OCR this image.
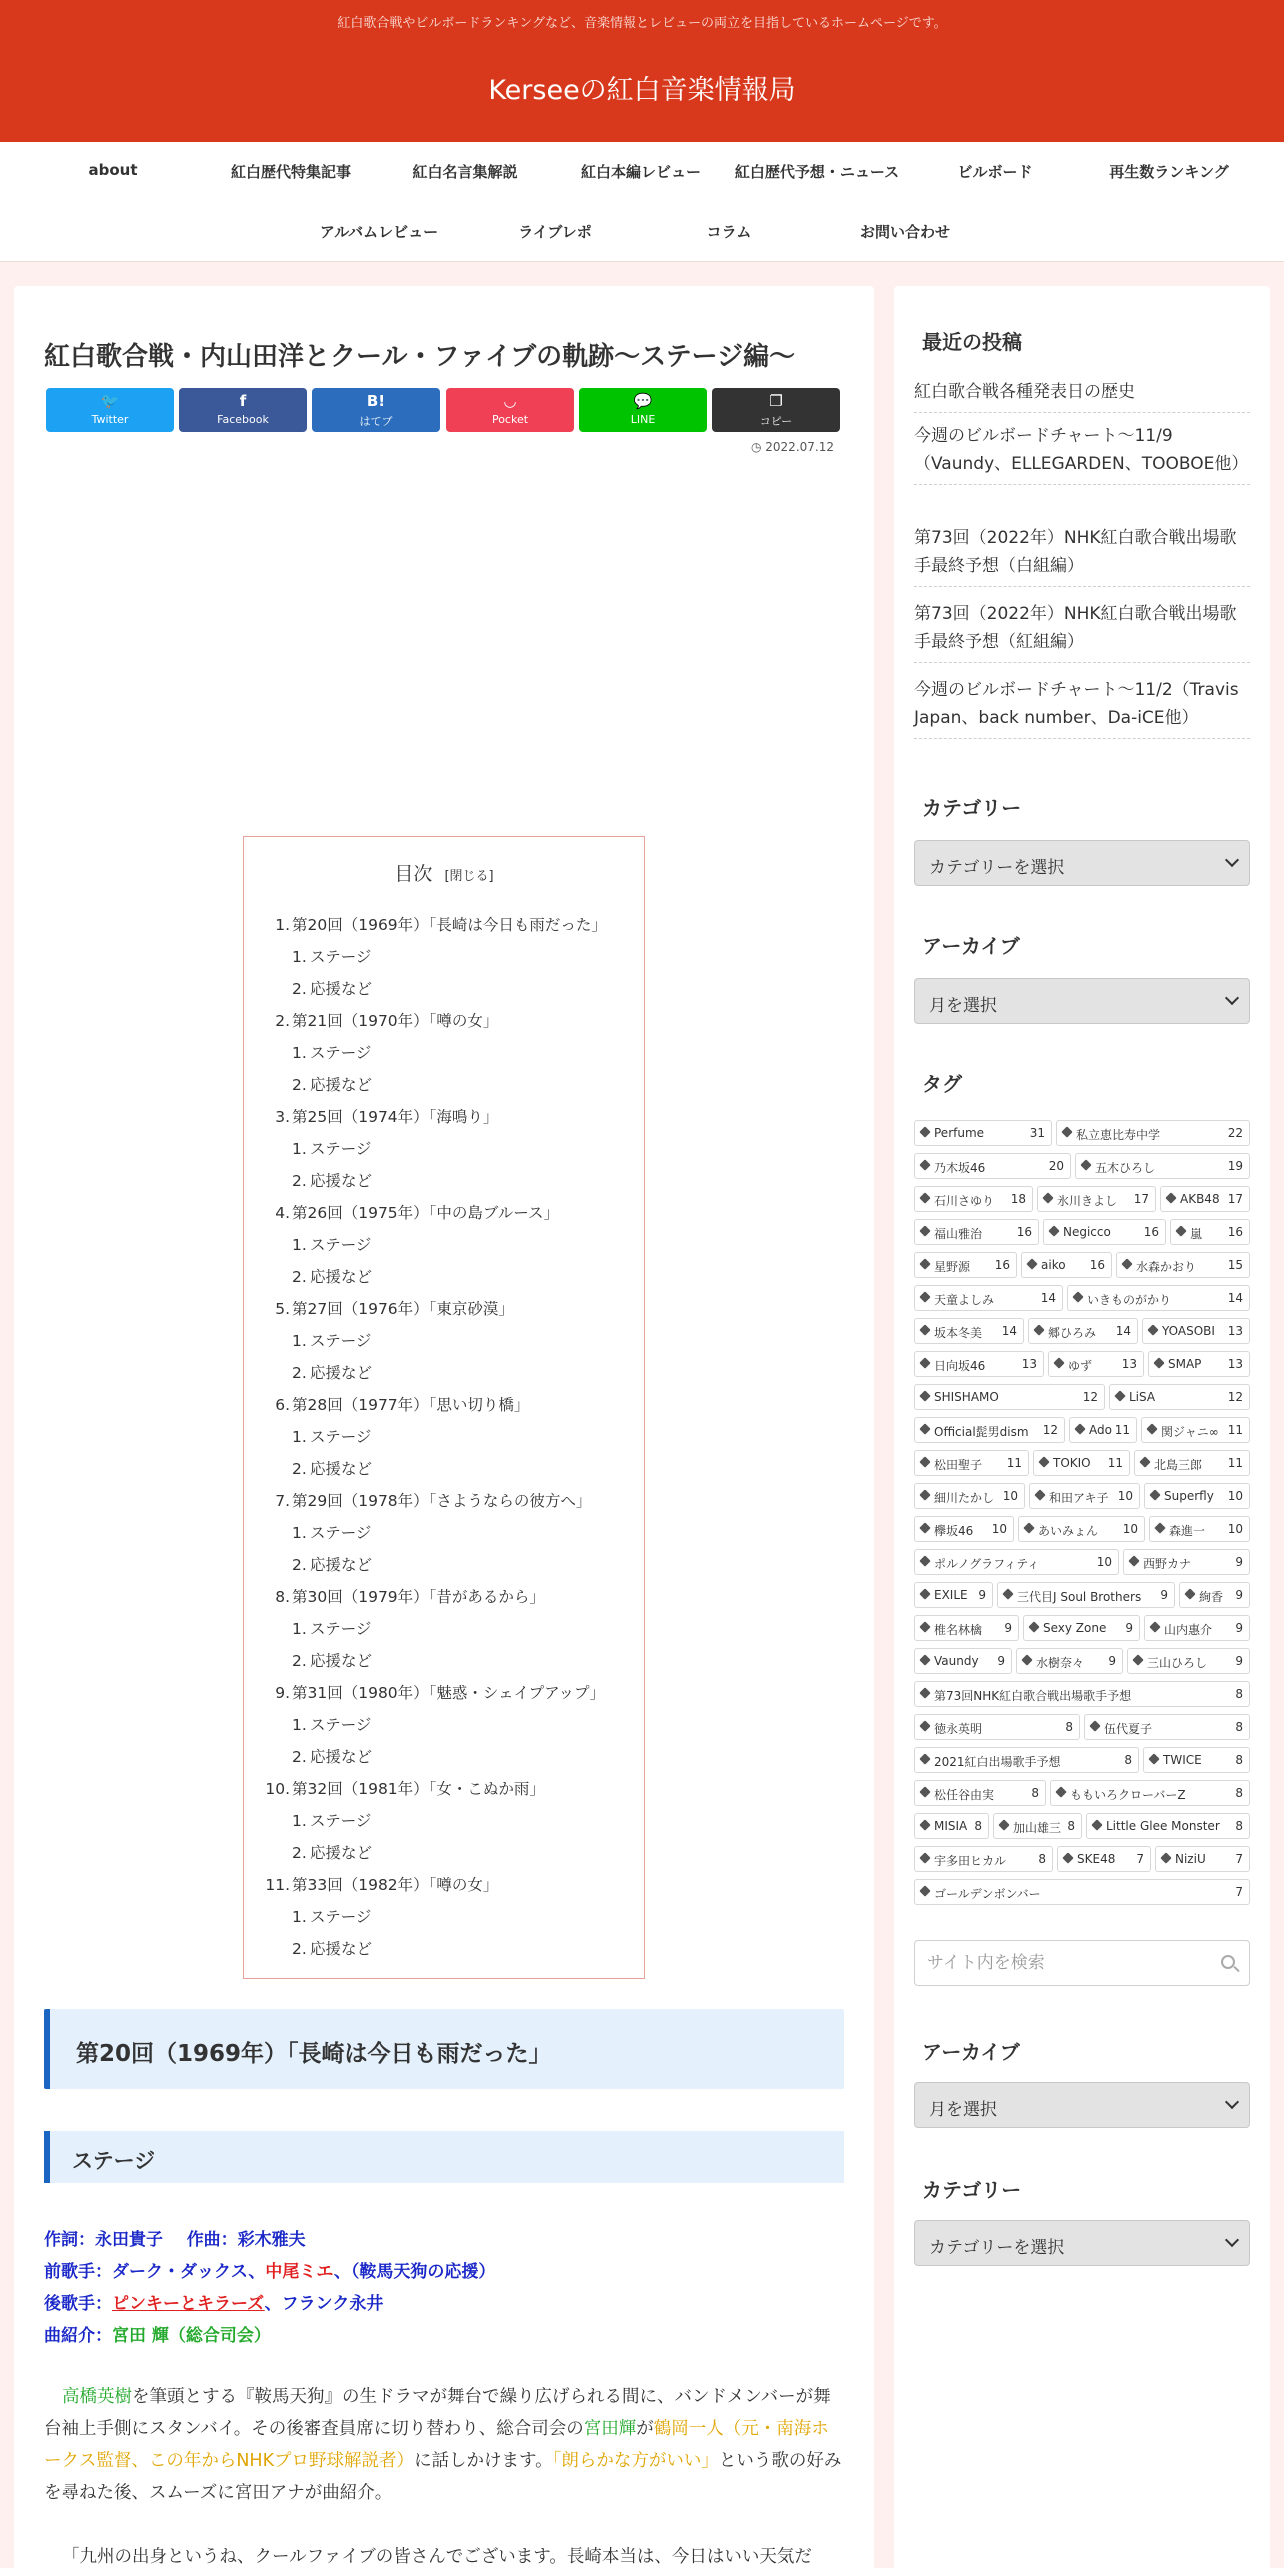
紅白歌合戦やビルボードランキングなど、音楽情報とレビューの両立を目指しているホームページです。
Kerseeの紅白音楽情報局
about	紅白歴代特集記事	紅白名言集解説	紅白本編レビュー	紅白歴代予想・ニュース	ビルボード	再生数ランキング
アルバムレビュー	ライブレポ	コラム	お問い合わせ
紅白歌合戦・内山田洋とクール・ファイブの軌跡～ステージ編～
🐦
Twitter
f
Facebook
B!
はてブ
◡
Pocket
💬
LINE
❐
コピー
◷ 2022.07.12
目次 [閉じる]
1. 第20回（1969年）「長崎は今日も雨だった」
1. ステージ
2. 応援など
2. 第21回（1970年）「噂の女」
1. ステージ
2. 応援など
3. 第25回（1974年）「海鳴り」
1. ステージ
2. 応援など
4. 第26回（1975年）「中の島ブルース」
1. ステージ
2. 応援など
5. 第27回（1976年）「東京砂漠」
1. ステージ
2. 応援など
6. 第28回（1977年）「思い切り橋」
1. ステージ
2. 応援など
7. 第29回（1978年）「さようならの彼方へ」
1. ステージ
2. 応援など
8. 第30回（1979年）「昔があるから」
1. ステージ
2. 応援など
9. 第31回（1980年）「魅惑・シェイプアップ」
1. ステージ
2. 応援など
10. 第32回（1981年）「女・こぬか雨」
1. ステージ
2. 応援など
11. 第33回（1982年）「噂の女」
1. ステージ
2. 応援など
第20回（1969年）「長崎は今日も雨だった」
ステージ
作詞：永田貴子 作曲：彩木雅夫
前歌手：ダーク・ダックス、中尾ミエ、（鞍馬天狗の応援）
後歌手：ピンキーとキラーズ、フランク永井
曲紹介：宮田 輝（総合司会）
高橋英樹を筆頭とする『鞍馬天狗』の生ドラマが舞台で繰り広げられる間に、バンドメンバーが舞台袖上手側にスタンバイ。その後審査員席に切り替わり、総合司会の宮田輝が鶴岡一人（元・南海ホークス監督、この年からNHKプロ野球解説者）に話しかけます。「朗らかな方がいい」という歌の好みを尋ねた後、スムーズに宮田アナが曲紹介。
「九州の出身というね、クールファイブの皆さんでございます。長崎本当は、今日はいい天気だ
最近の投稿
紅白歌合戦各種発表日の歴史
今週のビルボードチャート～11/9（Vaundy、ELLEGARDEN、TOOBOE他）
第73回（2022年）NHK紅白歌合戦出場歌手最終予想（白組編）
第73回（2022年）NHK紅白歌合戦出場歌手最終予想（紅組編）
今週のビルボードチャート～11/2（Travis Japan、back number、Da-iCE他）
カテゴリー
カテゴリーを選択
アーカイブ
月を選択
タグ
Perfume	31	私立恵比寿中学	22
乃木坂46	20	五木ひろし	19
石川さゆり 18	氷川きよし 17	AKB48 17
福山雅治	16	Negicco	16	嵐 16
星野源 16	aiko 16	水森かおり	15
天童よしみ	14	いきものがかり	14
坂本冬美 14	郷ひろみ 14	YOASOBI 13
日向坂46	13	ゆず 13	SMAP 13
SHISHAMO	12	LiSA	12
Official髭男dism 12	Ado 11	関ジャニ∞ 11
松田聖子 11	TOKIO 11	北島三郎 11
細川たかし 10	和田アキ子 10	Superfly 10
欅坂46 10	あいみょん 10	森進一 10
ポルノグラフィティ	10	西野カナ	9
EXILE 9	三代目J Soul Brothers 9	絢香 9
椎名林檎 9	Sexy Zone 9	山内惠介 9
Vaundy 9	水樹奈々 9	三山ひろし 9
第73回NHK紅白歌合戦出場歌手予想	8
徳永英明	8	伍代夏子	8
2021紅白出場歌手予想	8	TWICE	8
松任谷由実	8	ももいろクローバーZ	8
MISIA 8	加山雄三 8	Little Glee Monster 8
宇多田ヒカル	8	SKE48 7	NiziU 7
ゴールデンボンバー	7
サイト内を検索
アーカイブ
月を選択
カテゴリー
カテゴリーを選択
